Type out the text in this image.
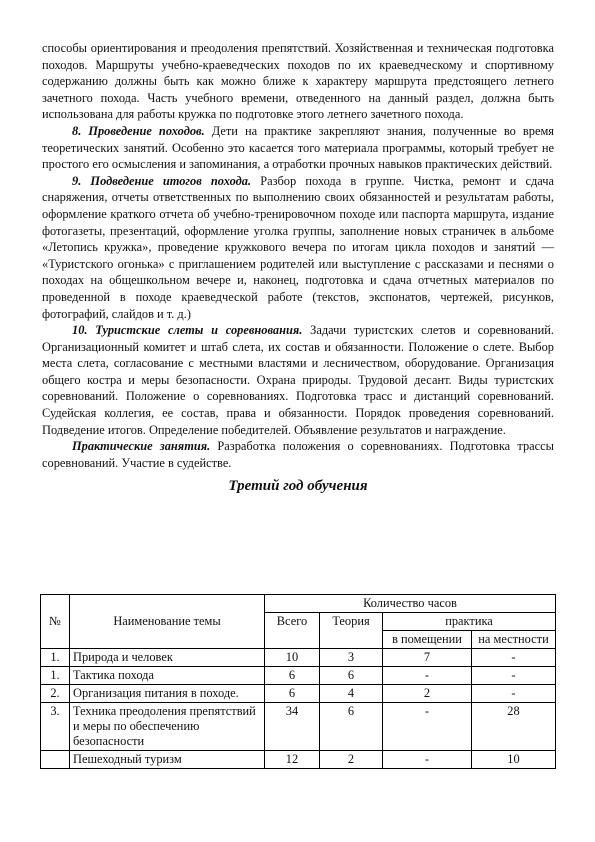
способы ориентирования и преодоления препятствий. Хозяйственная и техническая подготовка походов. Маршруты учебно-краеведческих походов по их краеведческому и спортивному содержанию должны быть как можно ближе к характеру маршрута предстоящего летнего зачетного похода. Часть учебного времени, отведенного на данный раздел, должна быть использована для работы кружка по подготовке этого летнего зачетного похода.

8. Проведение походов. Дети на практике закрепляют знания, полученные во время теоретических занятий. Особенно это касается того материала программы, который требует не простого его осмысления и запоминания, а отработки прочных навыков практических действий.

9. Подведение итогов похода. Разбор похода в группе. Чистка, ремонт и сдача снаряжения, отчеты ответственных по выполнению своих обязанностей и результатам работы, оформление краткого отчета об учебно-тренировочном походе или паспорта маршрута, издание фотогазеты, презентаций, оформление уголка группы, заполнение новых страничек в альбоме «Летопись кружка», проведение кружкового вечера по итогам цикла походов и занятий — «Туристского огонька» с приглашением родителей или выступление с рассказами и песнями о походах на общешкольном вечере и, наконец, подготовка и сдача отчетных материалов по проведенной в походе краеведческой работе (текстов, экспонатов, чертежей, рисунков, фотографий, слайдов и т. д.)

10. Туристские слеты и соревнования. Задачи туристских слетов и соревнований. Организационный комитет и штаб слета, их состав и обязанности. Положение о слете. Выбор места слета, согласование с местными властями и лесничеством, оборудование. Организация общего костра и меры безопасности. Охрана природы. Трудовой десант. Виды туристских соревнований. Положение о соревнованиях. Подготовка трасс и дистанций соревнований. Судейская коллегия, ее состав, права и обязанности. Порядок проведения соревнований. Подведение итогов. Определение победителей. Объявление результатов и награждение.

Практические занятия. Разработка положения о соревнованиях. Подготовка трассы соревнований. Участие в судействе.

Третий год обучения
№	Наименование темы	Количество часов			
		Всего	Теория	практика	
				в помещении	на местности
1.	Природа и человек	10	3	7	-
1.	Тактика похода	6	6	-	-
2.	Организация питания в походе.	6	4	2	-
3.	Техника преодоления препятствий и меры по обеспечению безопасности	34	6	-	28
	Пешеходный туризм	12	2	-	10
